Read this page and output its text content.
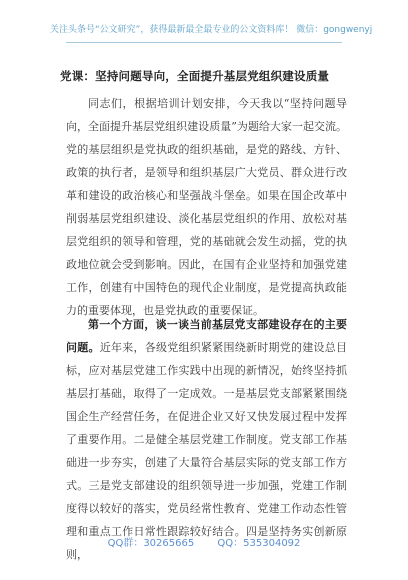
关注头条号“公文研究”，获得最新最全最专业的公文资料库！ 微信：gongwenyj
党课：坚持问题导向，全面提升基层党组织建设质量

同志们，根据培训计划安排，今天我以“坚持问题导向，全面提升基层党组织建设质量”为题给大家一起交流。党的基层组织是党执政的组织基础，是党的路线、方针、政策的执行者，是领导和组织基层广大党员、群众进行改革和建设的政治核心和坚强战斗堡垒。如果在国企改革中削弱基层党组织建设、淡化基层党组织的作用、放松对基层党组织的领导和管理，党的基础就会发生动摇，党的执政地位就会受到影响。因此，在国有企业坚持和加强党建工作，创建有中国特色的现代企业制度，是党提高执政能力的重要体现，也是党执政的重要保证。

第一个方面，谈一谈当前基层党支部建设存在的主要问题。近年来，各级党组织紧紧围绕新时期党的建设总目标，应对基层党建工作实践中出现的新情况，始终坚持抓基层打基础，取得了一定成效。一是基层党支部紧紧围绕国企生产经营任务，在促进企业又好又快发展过程中发挥了重要作用。二是健全基层党建工作制度。党支部工作基础进一步夯实，创建了大量符合基层实际的党支部工作方式。三是党支部建设的组织领导进一步加强，党建工作制度得以较好的落实，党员经常性教育、党建工作动态性管理和重点工作日常性跟踪较好结合。四是坚持务实创新原则，

QQ群：30265665 QQ：535304092
